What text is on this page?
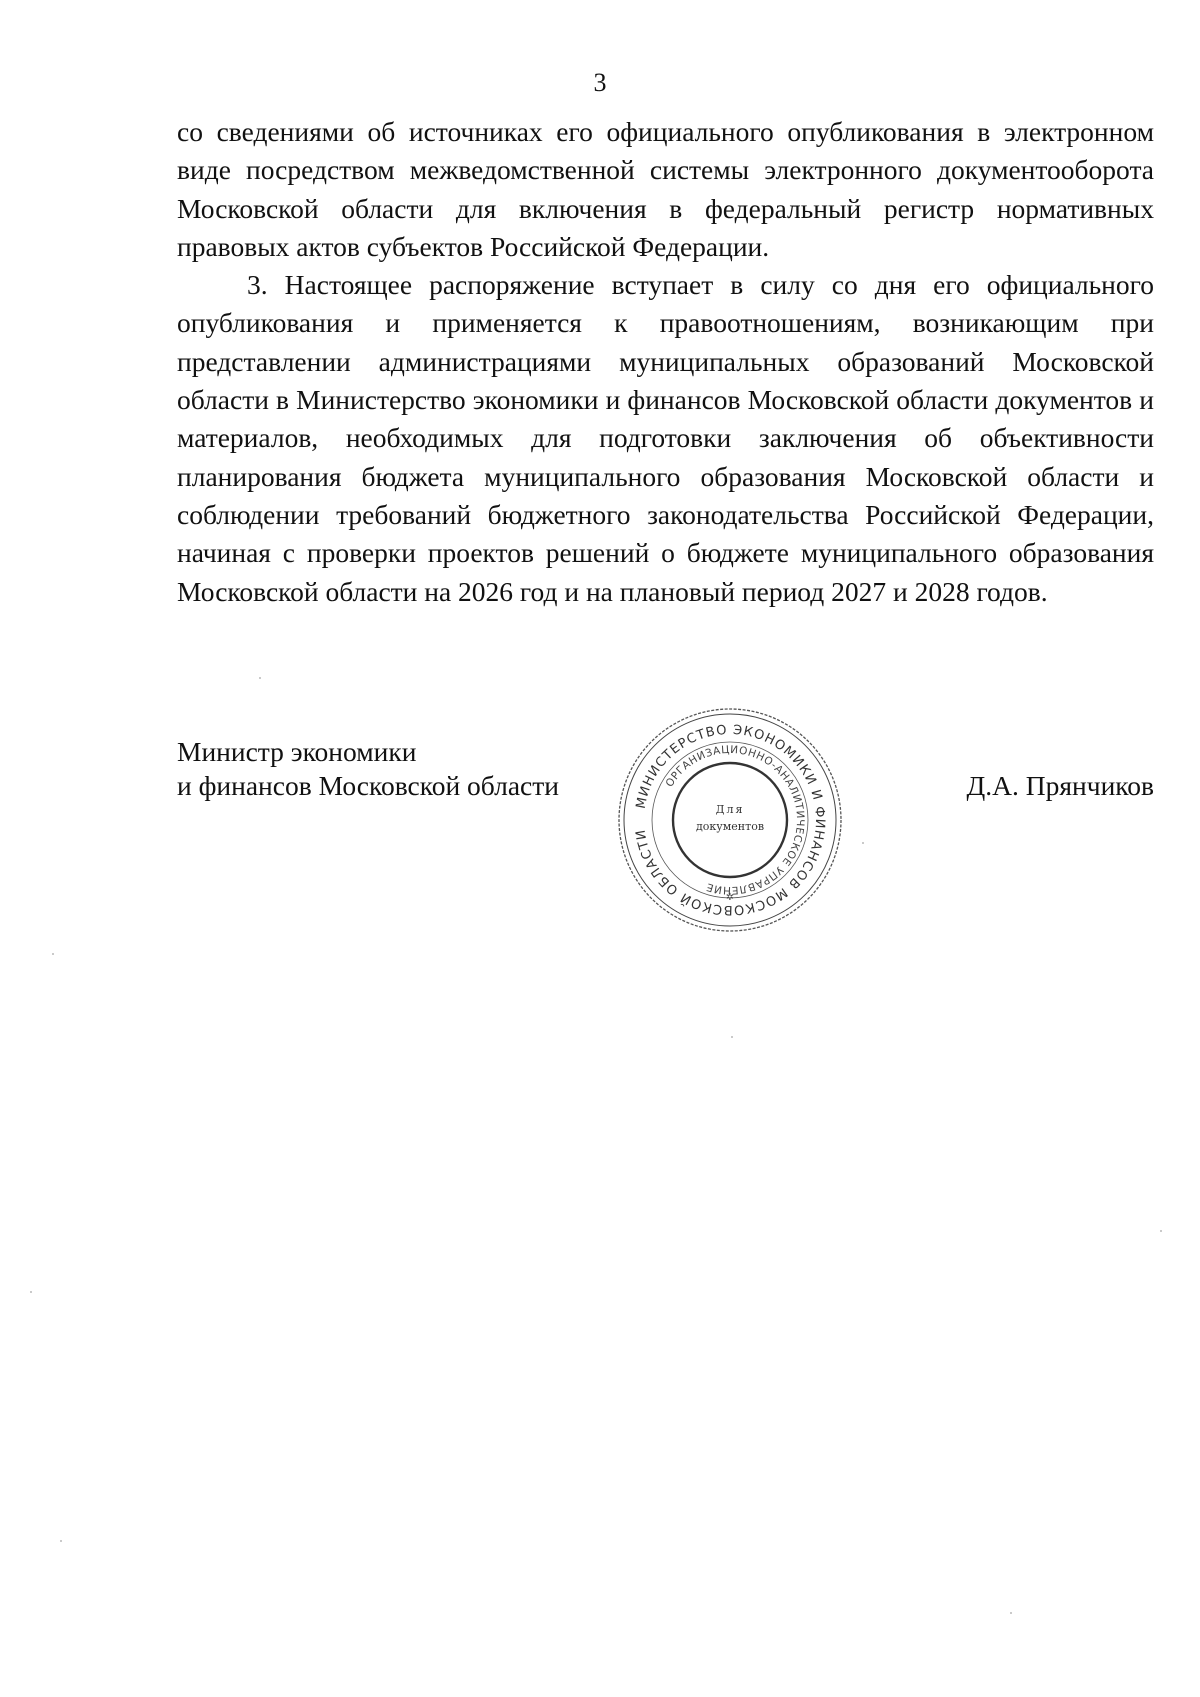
3

со сведениями об источниках его официального опубликования в электронном виде посредством межведомственной системы электронного документооборота Московской области для включения в федеральный регистр нормативных правовых актов субъектов Российской Федерации.

3. Настоящее распоряжение вступает в силу со дня его официального опубликования и применяется к правоотношениям, возникающим при представлении администрациями муниципальных образований Московской области в Министерство экономики и финансов Московской области документов и материалов, необходимых для подготовки заключения об объективности планирования бюджета муниципального образования Московской области и соблюдении требований бюджетного законодательства Российской Федерации, начиная с проверки проектов решений о бюджете муниципального образования Московской области на 2026 год и на плановый период 2027 и 2028 годов.

Министр экономики
и финансов Московской области
МИНИСТЕРСТВО ЭКОНОМИКИ И ФИНАНСОВ МОСКОВСКОЙ ОБЛАСТИ
ОРГАНИЗАЦИОННО-АНАЛИТИЧЕСКОЕ УПРАВЛЕНИЕ
Для
документов
✲
Д.А. Прянчиков
